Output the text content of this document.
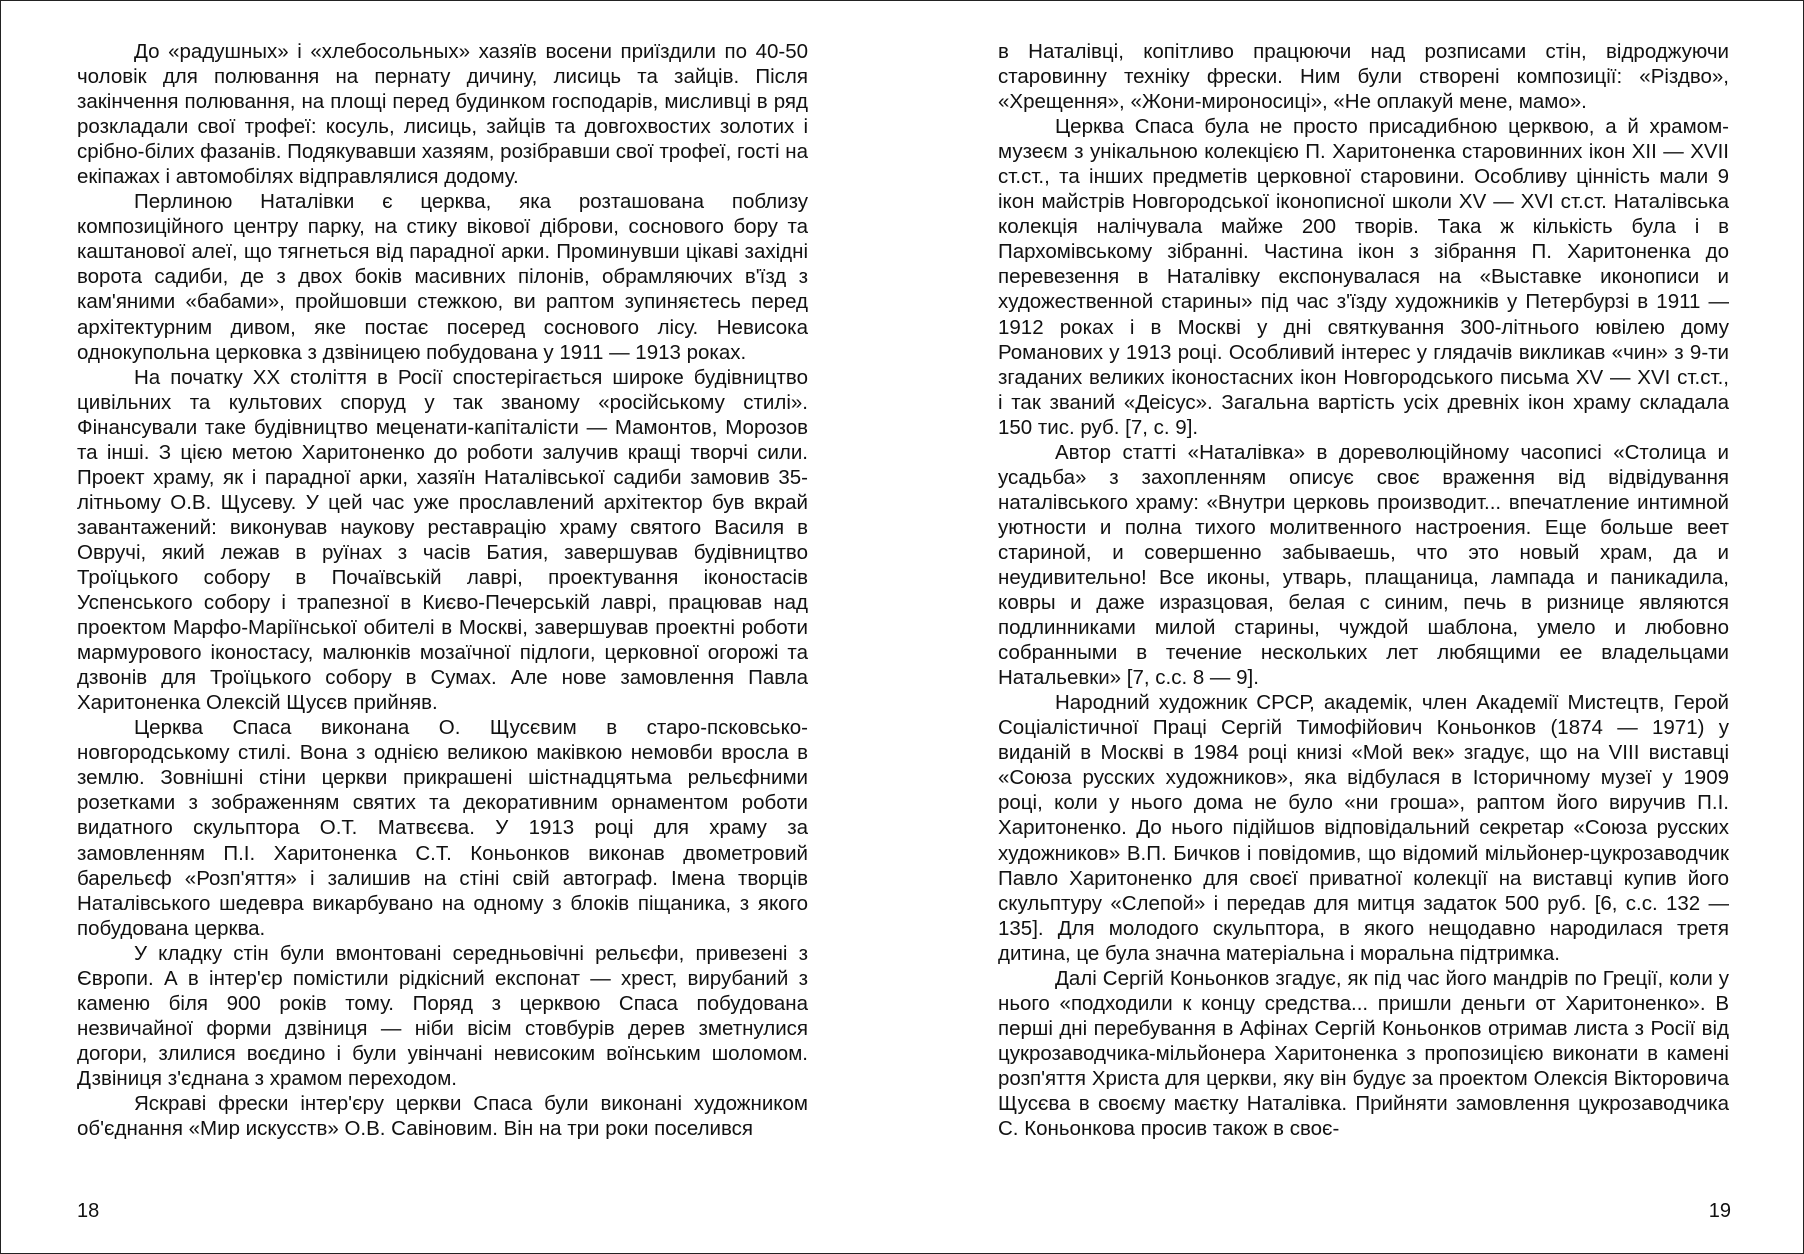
До «радушных» і «хлебосольных» хазяїв восени приїздили по 40-50 чоловік для полювання на пернату дичину, лисиць та зайців. Після закінчення полювання, на площі перед будинком господарів, мисливці в ряд розкладали свої трофеї: косуль, лисиць, зайців та довгохвостих золотих і срібно-білих фазанів. Подякувавши хазяям, розібравши свої трофеї, гості на екіпажах і автомобілях відправлялися додому.

Перлиною Наталівки є церква, яка розташована поблизу композиційного центру парку, на стику вікової діброви, соснового бору та каштанової алеї, що тягнеться від парадної арки. Проминувши цікаві західні ворота садиби, де з двох боків масивних пілонів, обрамляючих в'їзд з кам'яними «бабами», пройшовши стежкою, ви раптом зупиняєтесь перед архітектурним дивом, яке постає посеред соснового лісу. Невисока однокупольна церковка з дзвіницею побудована у 1911 — 1913 роках.

На початку XX століття в Росії спостерігається широке будівництво цивільних та культових споруд у так званому «російському стилі». Фінансували таке будівництво меценати-капіталісти — Мамонтов, Морозов та інші. З цією метою Харитоненко до роботи залучив кращі творчі сили. Проект храму, як і парадної арки, хазяїн Наталівської садиби замовив 35-літньому О.В. Щусеву. У цей час уже прославлений архітектор був вкрай завантажений: виконував наукову реставрацію храму святого Василя в Овручі, який лежав в руїнах з часів Батия, завершував будівництво Троїцького собору в Почаївській лаврі, проектування іконостасів Успенського собору і трапезної в Києво-Печерській лаврі, працював над проектом Марфо-Маріїнської обителі в Москві, завершував проектні роботи мармурового іконостасу, малюнків мозаїчної підлоги, церковної огорожі та дзвонів для Троїцького собору в Сумах. Але нове замовлення Павла Харитоненка Олексій Щусєв прийняв.

Церква Спаса виконана О. Щусєвим в старо-псковсько-новгородському стилі. Вона з однією великою маківкою немовби вросла в землю. Зовнішні стіни церкви прикрашені шістнадцятьма рельєфними розетками з зображенням святих та декоративним орнаментом роботи видатного скульптора О.Т. Матвєєва. У 1913 році для храму за замовленням П.І. Харитоненка С.Т. Коньонков виконав двометровий барельєф «Розп'яття» і залишив на стіні свій автограф. Імена творців Наталівського шедевра викарбувано на одному з блоків піщаника, з якого побудована церква.

У кладку стін були вмонтовані середньовічні рельєфи, привезені з Європи. А в інтер'єр помістили рідкісний експонат — хрест, вирубаний з каменю біля 900 років тому. Поряд з церквою Спаса побудована незвичайної форми дзвіниця — ніби вісім стовбурів дерев зметнулися догори, злилися воєдино і були увінчані невисоким воїнським шоломом. Дзвіниця з'єднана з храмом переходом.

Яскраві фрески інтер'єру церкви Спаса були виконані художником об'єднання «Мир искусств» О.В. Савіновим. Він на три роки поселився

18

в Наталівці, копітливо працюючи над розписами стін, відроджуючи старовинну техніку фрески. Ним були створені композиції: «Різдво», «Хрещення», «Жони-мироносиці», «Не оплакуй мене, мамо».

Церква Спаса була не просто присадибною церквою, а й храмом-музеєм з унікальною колекцією П. Харитоненка старовинних ікон XII — XVII ст.ст., та інших предметів церковної старовини. Особливу цінність мали 9 ікон майстрів Новгородської іконописної школи XV — XVI ст.ст. Наталівська колекція налічувала майже 200 творів. Така ж кількість була і в Пархомівському зібранні. Частина ікон з зібрання П. Харитоненка до перевезення в Наталівку експонувалася на «Выставке иконописи и художественной старины» під час з'їзду художників у Петербурзі в 1911 — 1912 роках і в Москві у дні святкування 300-літнього ювілею дому Романових у 1913 році. Особливий інтерес у глядачів викликав «чин» з 9-ти згаданих великих іконостасних ікон Новгородського письма XV — XVI ст.ст., і так званий «Деісус». Загальна вартість усіх древніх ікон храму складала 150 тис. руб. [7, с. 9].

Автор статті «Наталівка» в дореволюційному часописі «Столица и усадьба» з захопленням описує своє враження від відвідування наталівського храму: «Внутри церковь производит... впечатление интимной уютности и полна тихого молитвенного настроения. Еще больше веет стариной, и совершенно забываешь, что это новый храм, да и неудивительно! Все иконы, утварь, плащаница, лампада и паникадила, ковры и даже изразцовая, белая с синим, печь в ризнице являются подлинниками милой старины, чуждой шаблона, умело и любовно собранными в течение нескольких лет любящими ее владельцами Натальевки» [7, с.с. 8 — 9].

Народний художник СРСР, академік, член Академії Мистецтв, Герой Соціалістичної Праці Сергій Тимофійович Коньонков (1874 — 1971) у виданій в Москві в 1984 році книзі «Мой век» згадує, що на VIII виставці «Союза русских художников», яка відбулася в Історичному музеї у 1909 році, коли у нього дома не було «ни гроша», раптом його виручив П.І. Харитоненко. До нього підійшов відповідальний секретар «Союза русских художников» В.П. Бичков і повідомив, що відомий мільйонер-цукрозаводчик Павло Харитоненко для своєї приватної колекції на виставці купив його скульптуру «Слепой» і передав для митця задаток 500 руб. [6, с.с. 132 — 135]. Для молодого скульптора, в якого нещодавно народилася третя дитина, це була значна матеріальна і моральна підтримка.

Далі Сергій Коньонков згадує, як під час його мандрів по Греції, коли у нього «подходили к концу средства... пришли деньги от Харитоненко». В перші дні перебування в Афінах Сергій Коньонков отримав листа з Росії від цукрозаводчика-мільйонера Харитоненка з пропозицією виконати в камені розп'яття Христа для церкви, яку він будує за проектом Олексія Вікторовича Щусєва в своєму маєтку Наталівка. Прийняти замовлення цукрозаводчика С. Коньонкова просив також в своє-

19
